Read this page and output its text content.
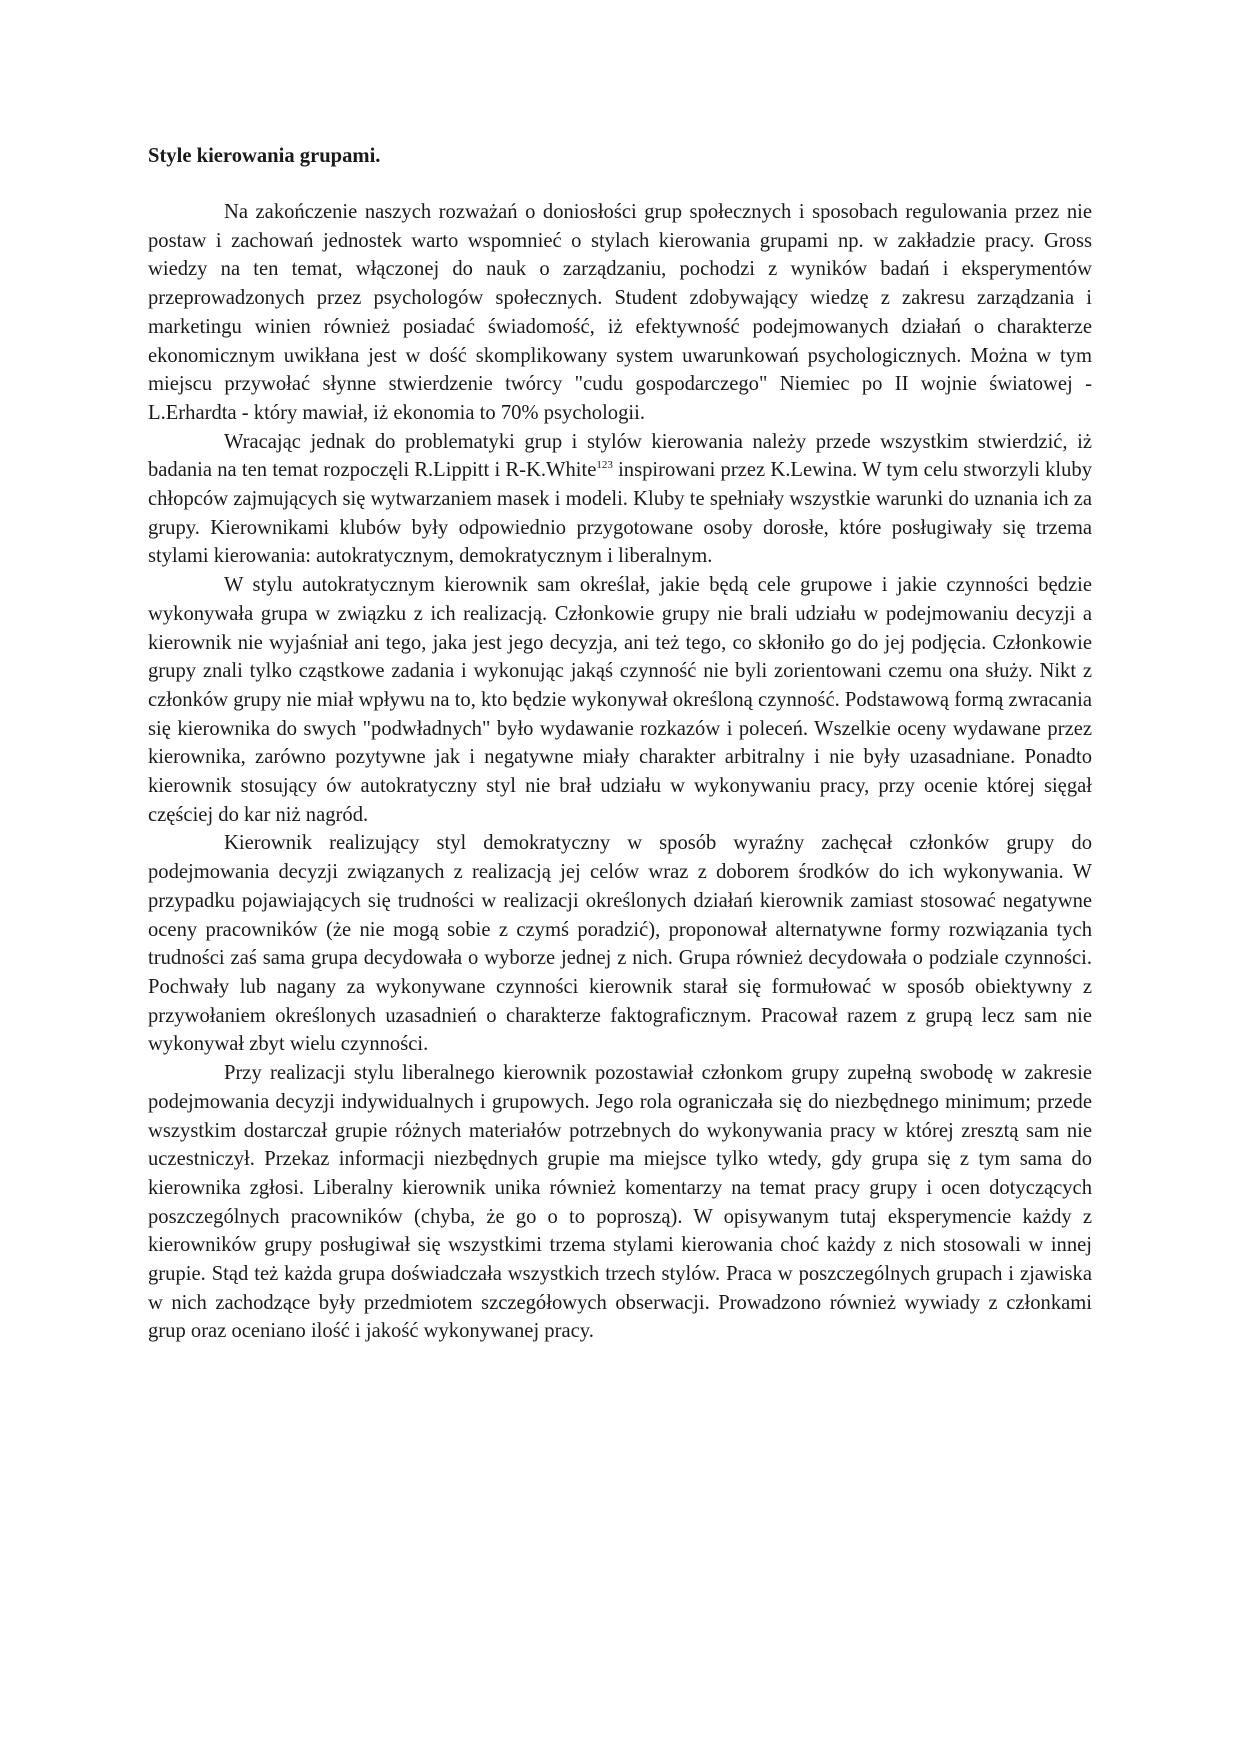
Style kierowania grupami.

Na zakończenie naszych rozważań o doniosłości grup społecznych i sposobach regulowania przez nie postaw i zachowań jednostek warto wspomnieć o stylach kierowania grupami np. w zakładzie pracy. Gross wiedzy na ten temat, włączonej do nauk o zarządzaniu, pochodzi z wyników badań i eksperymentów przeprowadzonych przez psychologów społecznych. Student zdobywający wiedzę z zakresu zarządzania i marketingu winien również posiadać świadomość, iż efektywność podejmowanych działań o charakterze ekonomicznym uwikłana jest w dość skomplikowany system uwarunkowań psychologicznych. Można w tym miejscu przywołać słynne stwierdzenie twórcy "cudu gospodarczego" Niemiec po II wojnie światowej - L.Erhardta - który mawiał, iż ekonomia to 70% psychologii.

Wracając jednak do problematyki grup i stylów kierowania należy przede wszystkim stwierdzić, iż badania na ten temat rozpoczęli R.Lippitt i R-K.White$^{123}$ inspirowani przez K.Lewina. W tym celu stworzyli kluby chłopców zajmujących się wytwarzaniem masek i modeli. Kluby te spełniały wszystkie warunki do uznania ich za grupy. Kierownikami klubów były odpowiednio przygotowane osoby dorosłe, które posługiwały się trzema stylami kierowania: autokratycznym, demokratycznym i liberalnym.

W stylu autokratycznym kierownik sam określał, jakie będą cele grupowe i jakie czynności będzie wykonywała grupa w związku z ich realizacją. Członkowie grupy nie brali udziału w podejmowaniu decyzji a kierownik nie wyjaśniał ani tego, jaka jest jego decyzja, ani też tego, co skłoniło go do jej podjęcia. Członkowie grupy znali tylko cząstkowe zadania i wykonując jakąś czynność nie byli zorientowani czemu ona służy. Nikt z członków grupy nie miał wpływu na to, kto będzie wykonywał określoną czynność. Podstawową formą zwracania się kierownika do swych "podwładnych" było wydawanie rozkazów i poleceń. Wszelkie oceny wydawane przez kierownika, zarówno pozytywne jak i negatywne miały charakter arbitralny i nie były uzasadniane. Ponadto kierownik stosujący ów autokratyczny styl nie brał udziału w wykonywaniu pracy, przy ocenie której sięgał częściej do kar niż nagród.

Kierownik realizujący styl demokratyczny w sposób wyraźny zachęcał członków grupy do podejmowania decyzji związanych z realizacją jej celów wraz z doborem środków do ich wykonywania. W przypadku pojawiających się trudności w realizacji określonych działań kierownik zamiast stosować negatywne oceny pracowników (że nie mogą sobie z czymś poradzić), proponował alternatywne formy rozwiązania tych trudności zaś sama grupa decydowała o wyborze jednej z nich. Grupa również decydowała o podziale czynności. Pochwały lub nagany za wykonywane czynności kierownik starał się formułować w sposób obiektywny z przywołaniem określonych uzasadnień o charakterze faktograficznym. Pracował razem z grupą lecz sam nie wykonywał zbyt wielu czynności.

Przy realizacji stylu liberalnego kierownik pozostawiał członkom grupy zupełną swobodę w zakresie podejmowania decyzji indywidualnych i grupowych. Jego rola ograniczała się do niezbędnego minimum; przede wszystkim dostarczał grupie różnych materiałów potrzebnych do wykonywania pracy w której zresztą sam nie uczestniczył. Przekaz informacji niezbędnych grupie ma miejsce tylko wtedy, gdy grupa się z tym sama do kierownika zgłosi. Liberalny kierownik unika również komentarzy na temat pracy grupy i ocen dotyczących poszczególnych pracowników (chyba, że go o to poproszą). W opisywanym tutaj eksperymencie każdy z kierowników grupy posługiwał się wszystkimi trzema stylami kierowania choć każdy z nich stosowali w innej grupie. Stąd też każda grupa doświadczała wszystkich trzech stylów. Praca w poszczególnych grupach i zjawiska w nich zachodzące były przedmiotem szczegółowych obserwacji. Prowadzono również wywiady z członkami grup oraz oceniano ilość i jakość wykonywanej pracy.
